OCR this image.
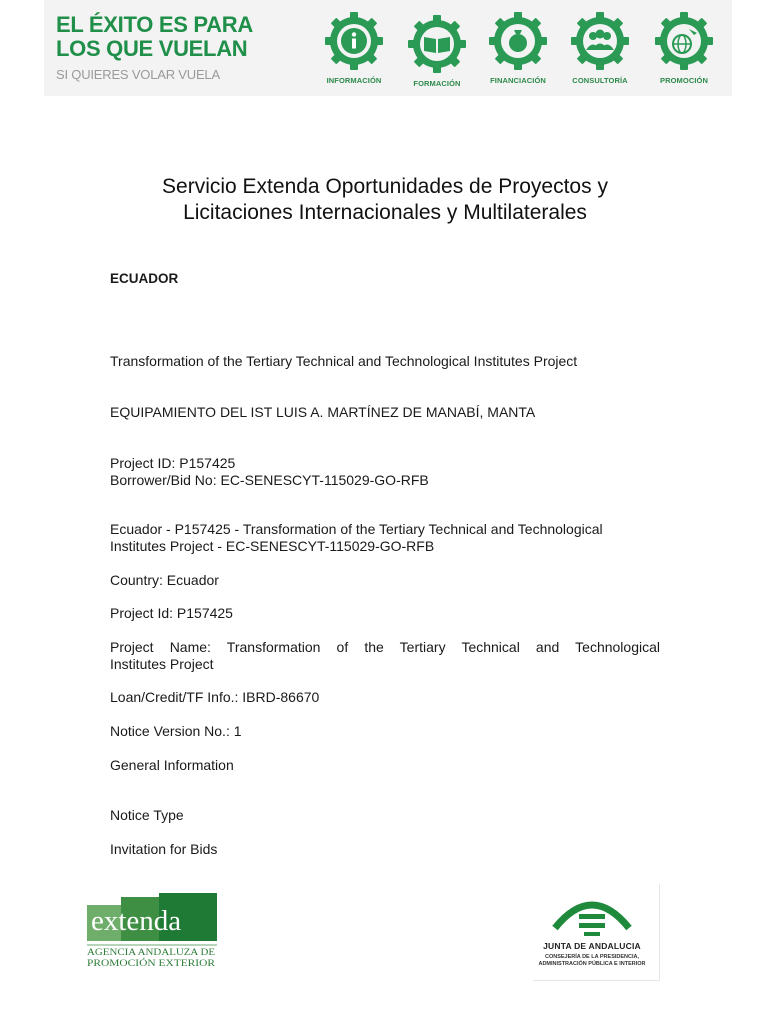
EL ÉXITO ES PARA
LOS QUE VUELAN
SI QUIERES VOLAR VUELA	INFORMACIÓN	FORMACIÓN	FINANCIACIÓN	CONSULTORÍA	PROMOCIÓN
Servicio Extenda Oportunidades de Proyectos y
Licitaciones Internacionales y Multilaterales
ECUADOR
Transformation of the Tertiary Technical and Technological Institutes Project
EQUIPAMIENTO DEL IST LUIS A. MARTÍNEZ DE MANABÍ, MANTA
Project ID: P157425
Borrower/Bid No: EC-SENESCYT-115029-GO-RFB
Ecuador - P157425 - Transformation of the Tertiary Technical and Technological
Institutes Project - EC-SENESCYT-115029-GO-RFB
Country: Ecuador
Project Id: P157425
Project Name: Transformation of the Tertiary Technical and Technological
Institutes Project
Loan/Credit/TF Info.: IBRD-86670
Notice Version No.: 1
General Information
Notice Type
Invitation for Bids
extenda
AGENCIA ANDALUZA DE
PROMOCIÓN EXTERIOR
JUNTA DE ANDALUCIA
CONSEJERÍA DE LA PRESIDENCIA,
ADMINISTRACIÓN PÚBLICA E INTERIOR
